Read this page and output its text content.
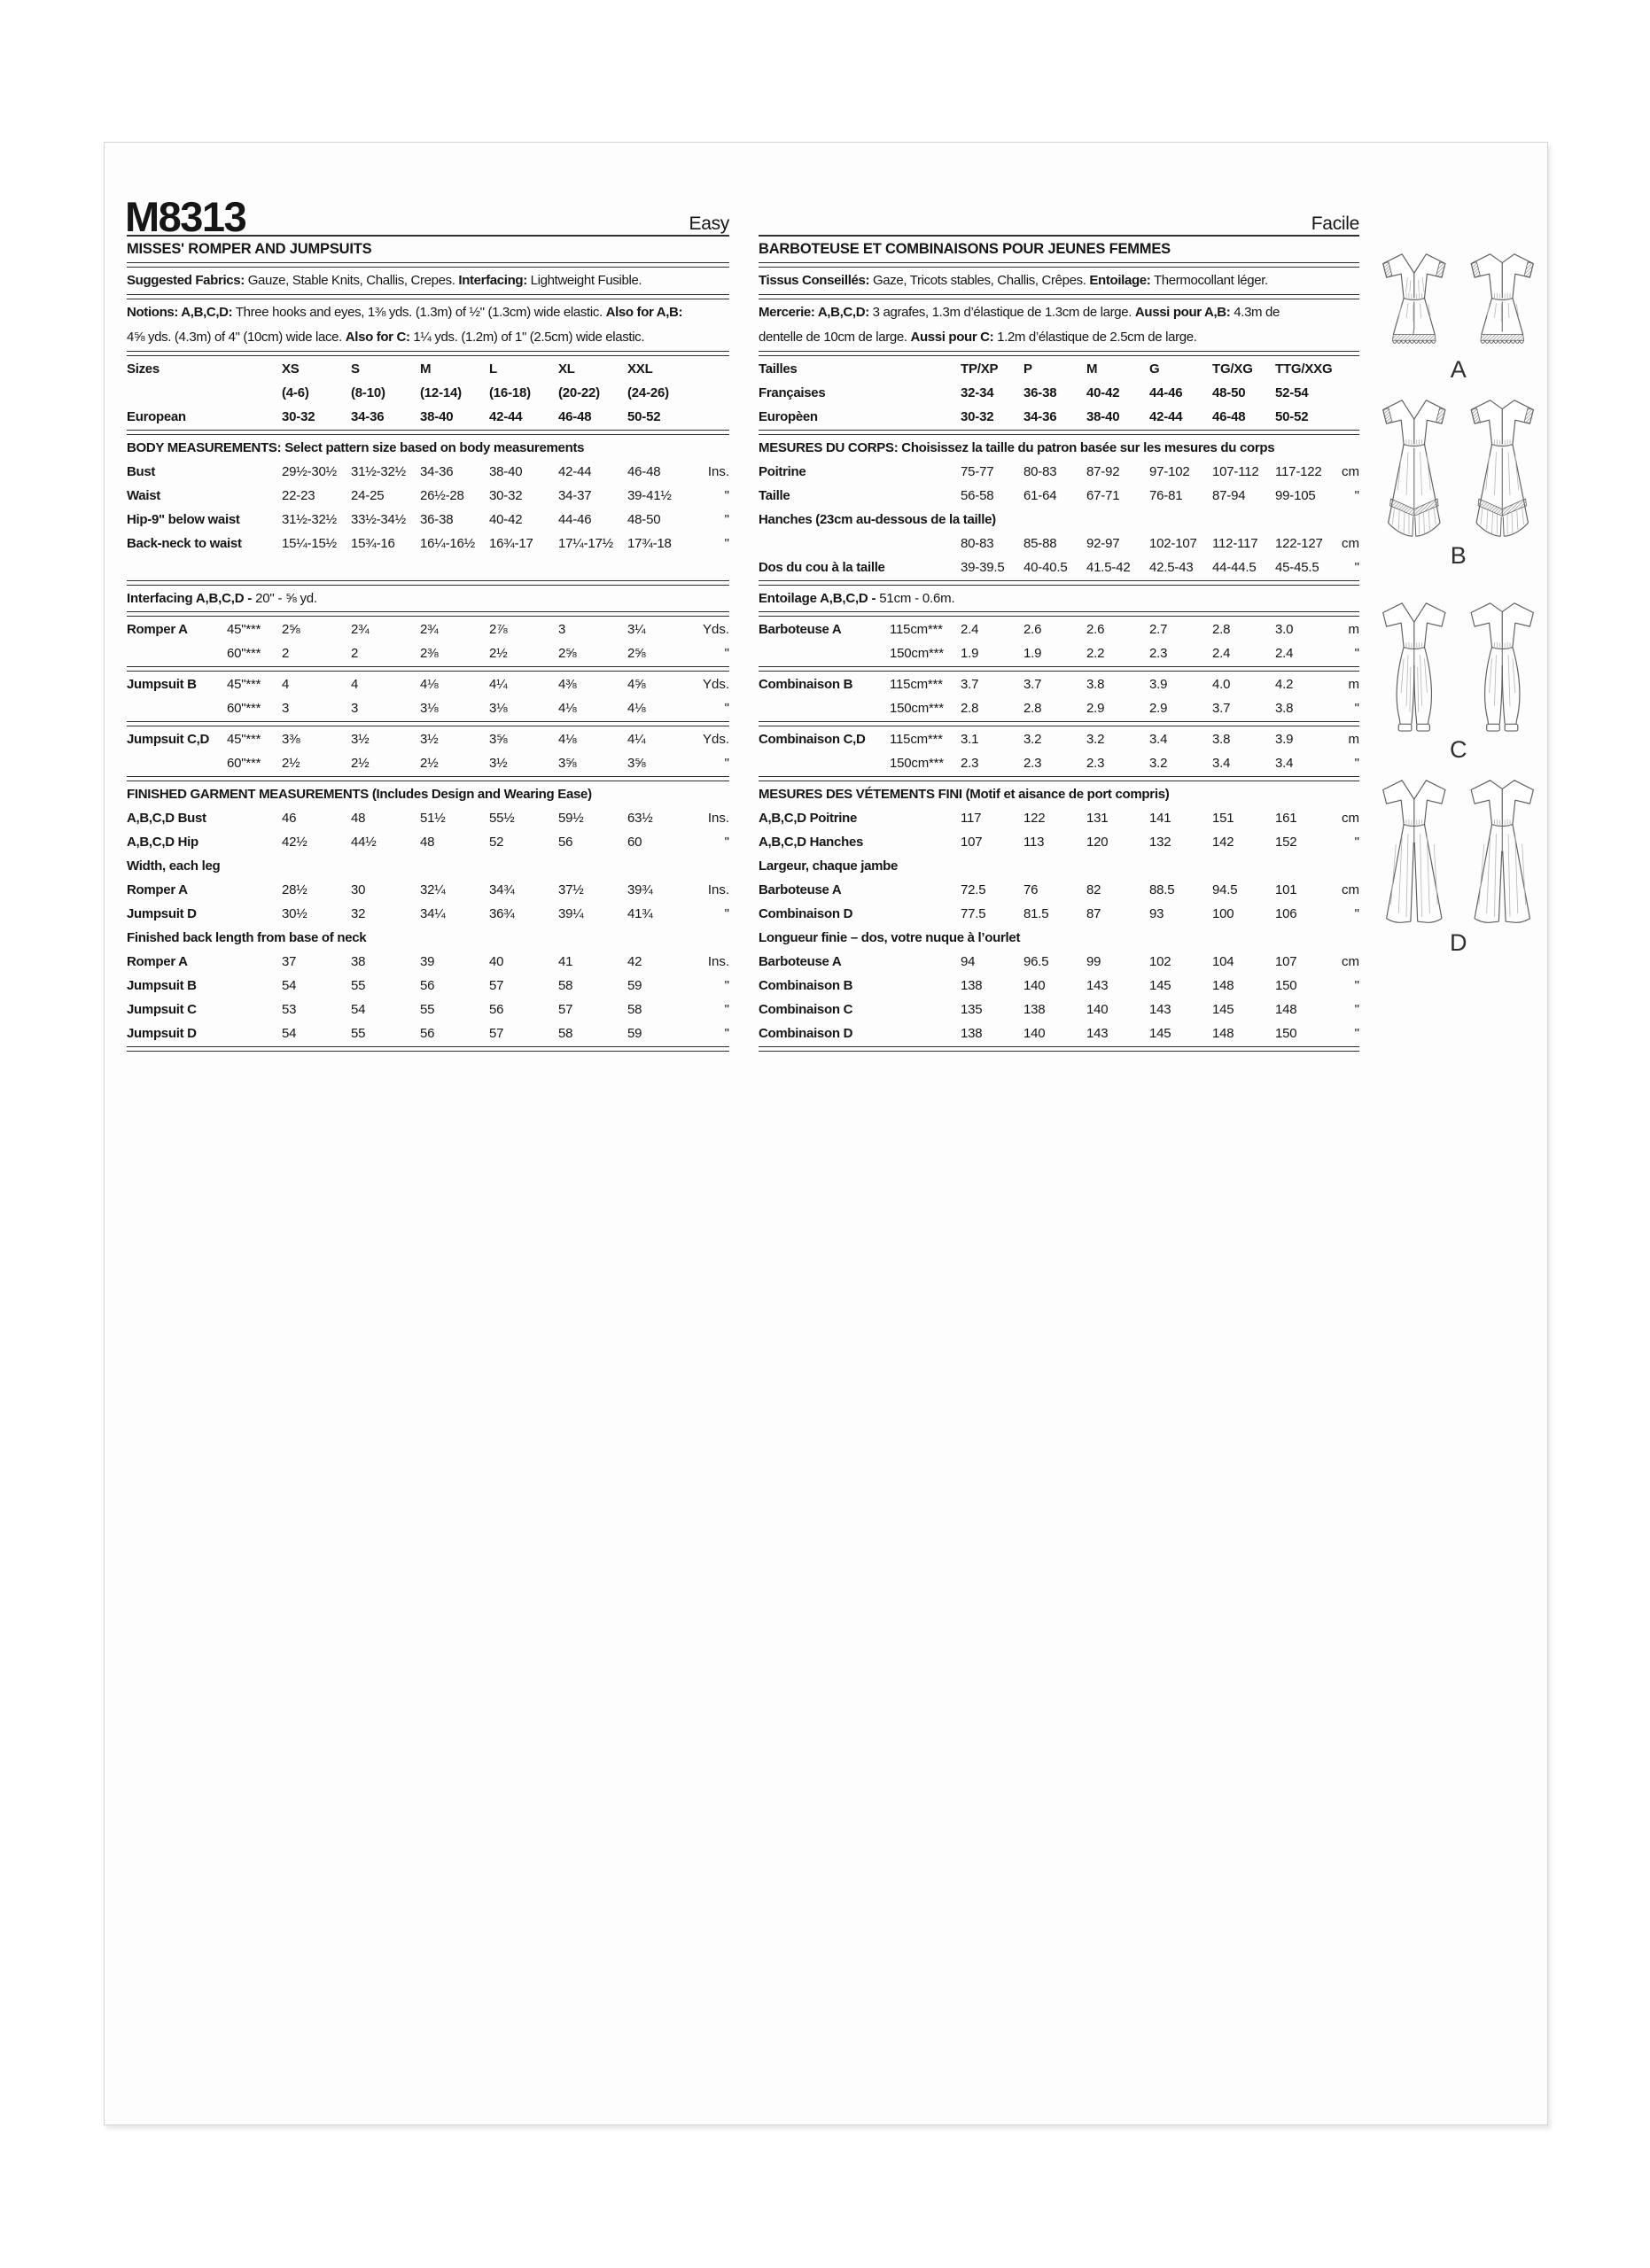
M8313	Easy
MISSES' ROMPER AND JUMPSUITS
Suggested Fabrics: Gauze, Stable Knits, Challis, Crepes. Interfacing: Lightweight Fusible.
Notions: A,B,C,D: Three hooks and eyes, 1⅜ yds. (1.3m) of ½" (1.3cm) wide elastic. Also for A,B:
4⅝ yds. (4.3m) of 4" (10cm) wide lace. Also for C: 1¼ yds. (1.2m) of 1" (2.5cm) wide elastic.
Sizes	XS	S	M	L	XL	XXL
(4-6)	(8-10)	(12-14)	(16-18)	(20-22)	(24-26)
European	30-32	34-36	38-40	42-44	46-48	50-52
BODY MEASUREMENTS: Select pattern size based on body measurements
Bust	29½-30½	31½-32½	34-36	38-40	42-44	46-48	Ins.
Waist	22-23	24-25	26½-28	30-32	34-37	39-41½	"
Hip-9" below waist	31½-32½	33½-34½	36-38	40-42	44-46	48-50	"
Back-neck to waist	15¼-15½	15¾-16	16¼-16½	16¾-17	17¼-17½	17¾-18	"
Interfacing A,B,C,D - 20" - ⅝ yd.
Romper A	45"***	2⅝	2¾	2¾	2⅞	3	3¼	Yds.
60"***	2	2	2⅜	2½	2⅝	2⅝	"
Jumpsuit B	45"***	4	4	4⅛	4¼	4⅜	4⅝	Yds.
60"***	3	3	3⅛	3⅛	4⅛	4⅛	"
Jumpsuit C,D	45"***	3⅜	3½	3½	3⅝	4⅛	4¼	Yds.
60"***	2½	2½	2½	3½	3⅝	3⅝	"
FINISHED GARMENT MEASUREMENTS (Includes Design and Wearing Ease)
A,B,C,D Bust	46	48	51½	55½	59½	63½	Ins.
A,B,C,D Hip	42½	44½	48	52	56	60	"
Width, each leg
Romper A	28½	30	32¼	34¾	37½	39¾	Ins.
Jumpsuit D	30½	32	34¼	36¾	39¼	41¾	"
Finished back length from base of neck
Romper A	37	38	39	40	41	42	Ins.
Jumpsuit B	54	55	56	57	58	59	"
Jumpsuit C	53	54	55	56	57	58	"
Jumpsuit D	54	55	56	57	58	59	"
Facile
BARBOTEUSE ET COMBINAISONS POUR JEUNES FEMMES
Tissus Conseillés: Gaze, Tricots stables, Challis, Crêpes. Entoilage: Thermocollant léger.
Mercerie: A,B,C,D: 3 agrafes, 1.3m d’élastique de 1.3cm de large. Aussi pour A,B: 4.3m de
dentelle de 10cm de large. Aussi pour C: 1.2m d’élastique de 2.5cm de large.
Tailles	TP/XP	P	M	G	TG/XG	TTG/XXG
Françaises	32-34	36-38	40-42	44-46	48-50	52-54
Europèen	30-32	34-36	38-40	42-44	46-48	50-52
MESURES DU CORPS: Choisissez la taille du patron basée sur les mesures du corps
Poitrine	75-77	80-83	87-92	97-102	107-112	117-122	cm
Taille	56-58	61-64	67-71	76-81	87-94	99-105	"
Hanches (23cm au-dessous de la taille)
80-83	85-88	92-97	102-107	112-117	122-127	cm
Dos du cou à la taille	39-39.5	40-40.5	41.5-42	42.5-43	44-44.5	45-45.5	"
Entoilage A,B,C,D - 51cm - 0.6m.
Barboteuse A	115cm***	2.4	2.6	2.6	2.7	2.8	3.0	m
150cm***	1.9	1.9	2.2	2.3	2.4	2.4	"
Combinaison B	115cm***	3.7	3.7	3.8	3.9	4.0	4.2	m
150cm***	2.8	2.8	2.9	2.9	3.7	3.8	"
Combinaison C,D	115cm***	3.1	3.2	3.2	3.4	3.8	3.9	m
150cm***	2.3	2.3	2.3	3.2	3.4	3.4	"
MESURES DES VÉTEMENTS FINI (Motif et aisance de port compris)
A,B,C,D Poitrine	117	122	131	141	151	161	cm
A,B,C,D Hanches	107	113	120	132	142	152	"
Largeur, chaque jambe
Barboteuse A	72.5	76	82	88.5	94.5	101	cm
Combinaison D	77.5	81.5	87	93	100	106	"
Longueur finie – dos, votre nuque à l’ourlet
Barboteuse A	94	96.5	99	102	104	107	cm
Combinaison B	138	140	143	145	148	150	"
Combinaison C	135	138	140	143	145	148	"
Combinaison D	138	140	143	145	148	150	"
A
B
C
D
